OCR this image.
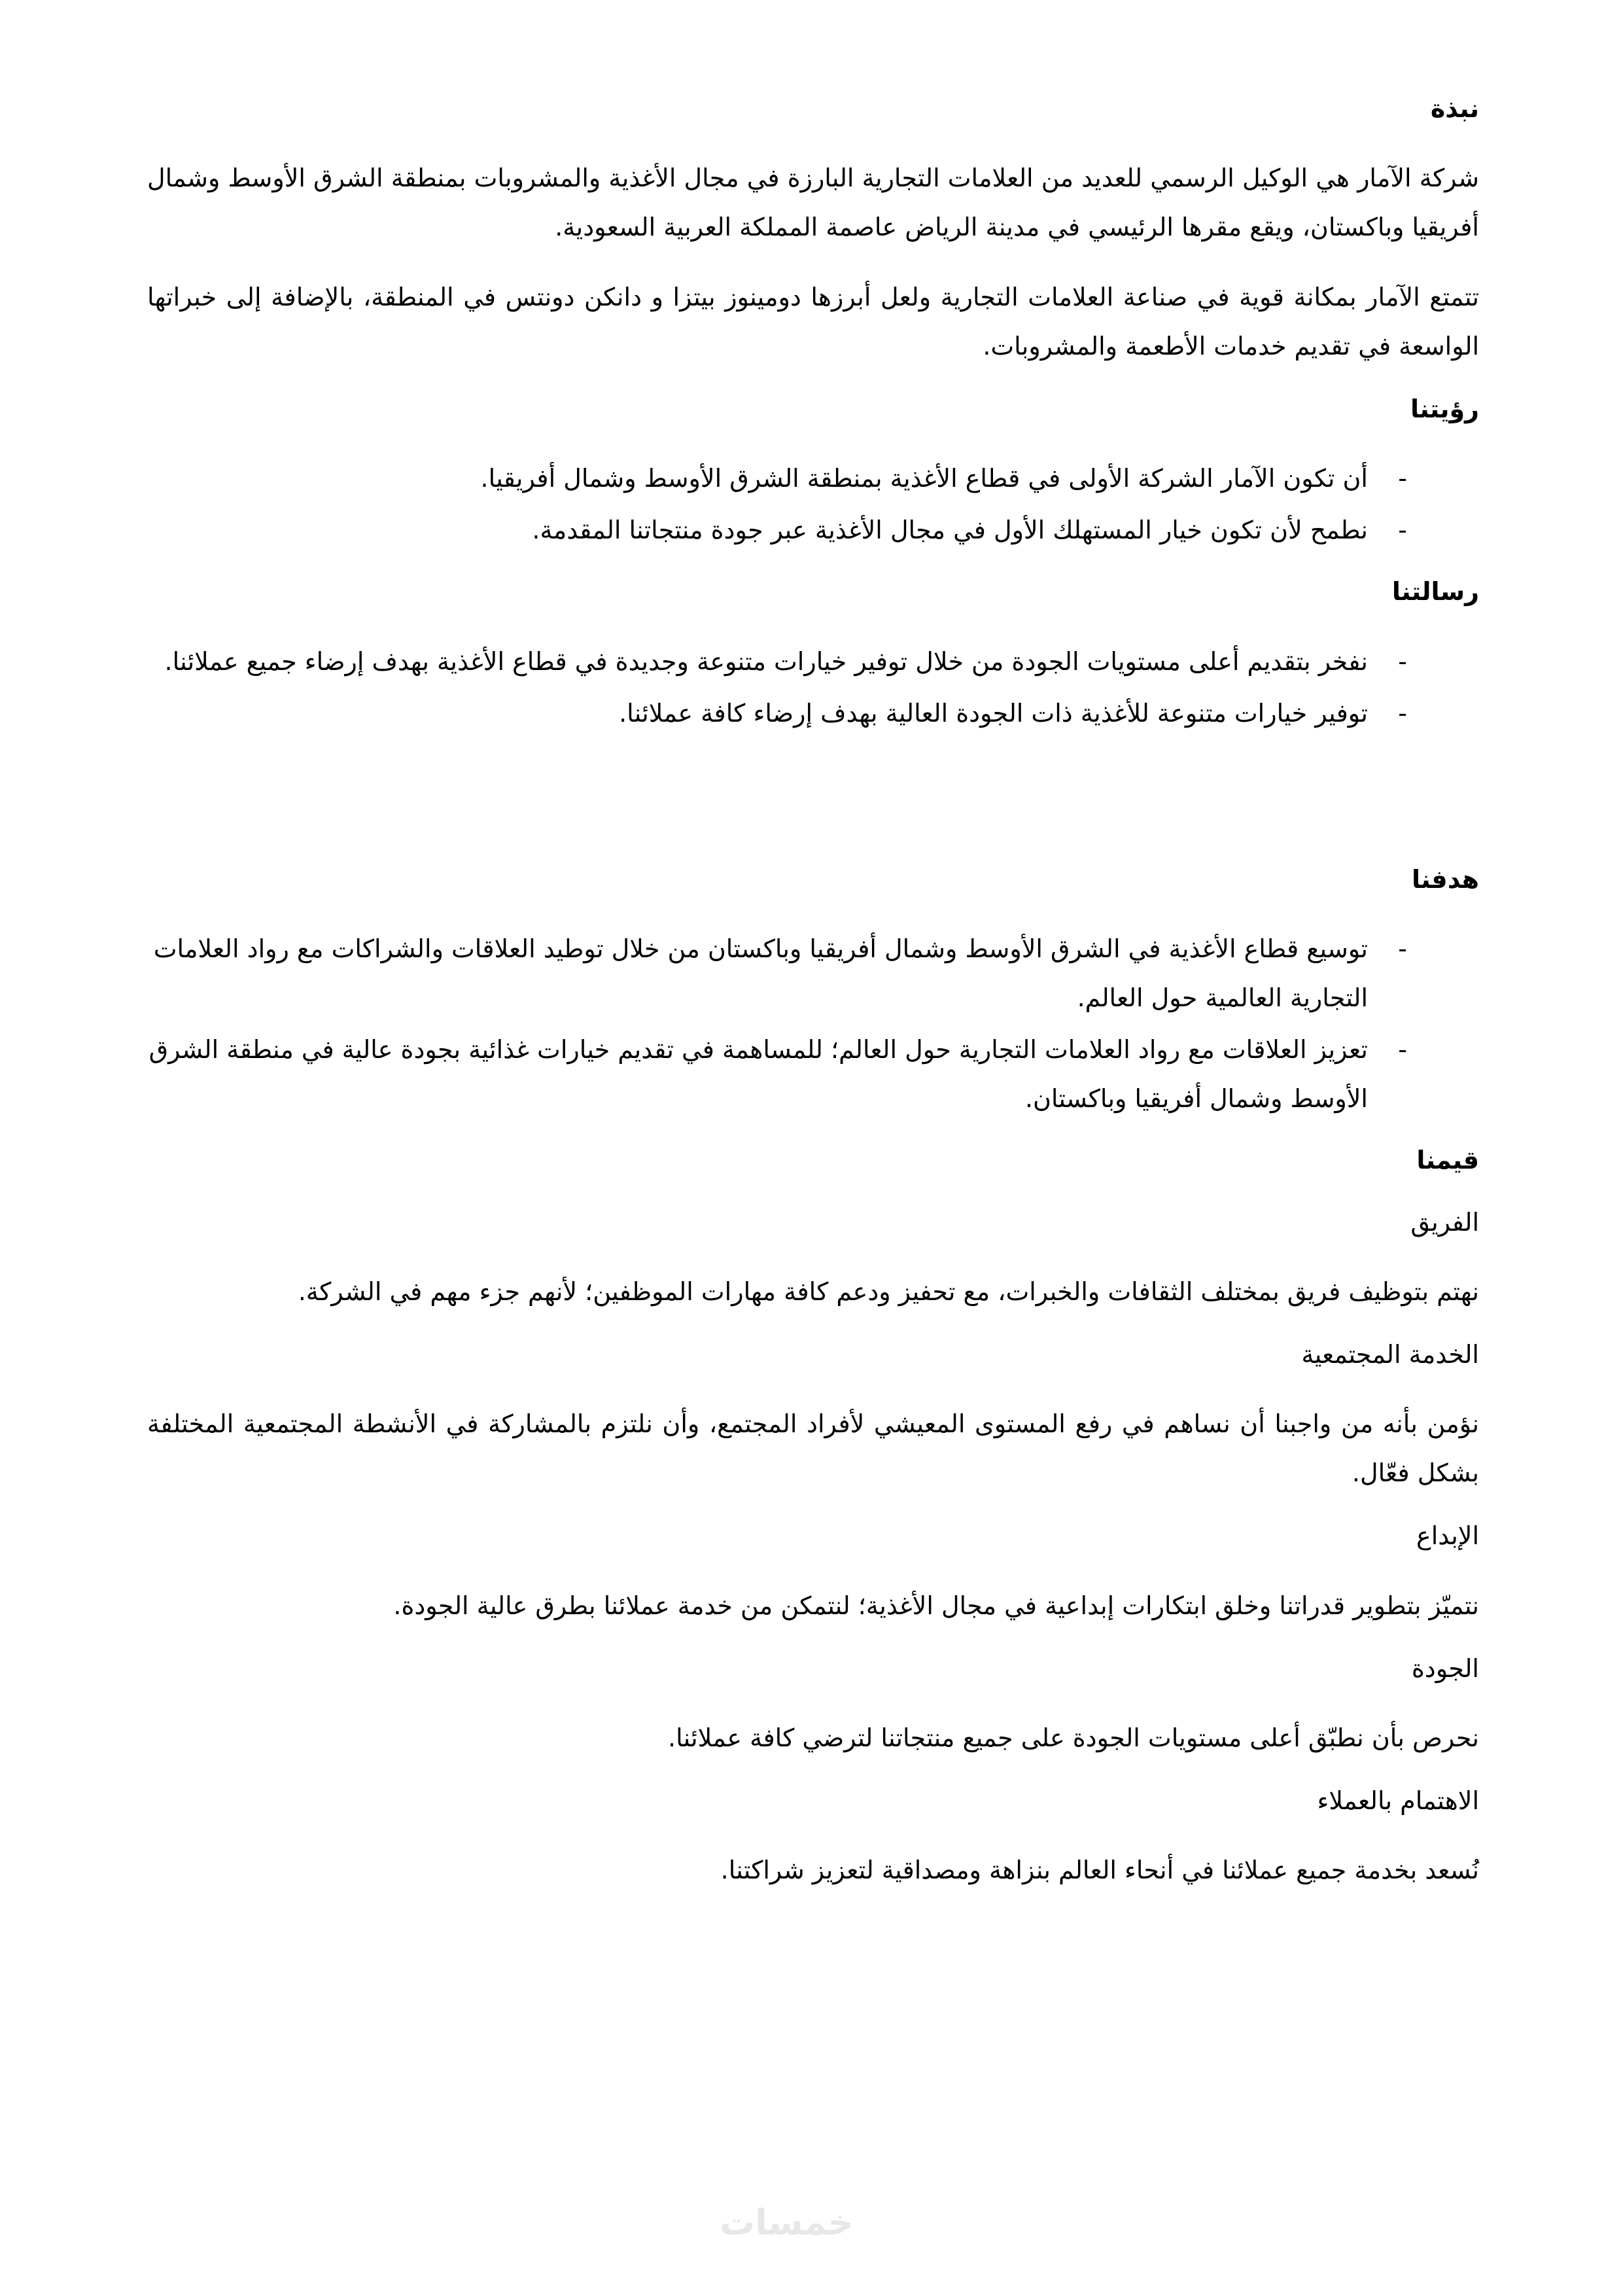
نبذة

شركة الآمار هي الوكيل الرسمي للعديد من العلامات التجارية البارزة في مجال الأغذية والمشروبات بمنطقة الشرق الأوسط وشمال أفريقيا وباكستان، ويقع مقرها الرئيسي في مدينة الرياض عاصمة المملكة العربية السعودية.

تتمتع الآمار بمكانة قوية في صناعة العلامات التجارية ولعل أبرزها دومينوز بيتزا و دانكن دونتس في المنطقة، بالإضافة إلى خبراتها الواسعة في تقديم خدمات الأطعمة والمشروبات.

رؤيتنا
-
أن تكون الآمار الشركة الأولى في قطاع الأغذية بمنطقة الشرق الأوسط وشمال أفريقيا.
-
نطمح لأن تكون خيار المستهلك الأول في مجال الأغذية عبر جودة منتجاتنا المقدمة.
رسالتنا
-
نفخر بتقديم أعلى مستويات الجودة من خلال توفير خيارات متنوعة وجديدة في قطاع الأغذية بهدف إرضاء جميع عملائنا.
-
توفير خيارات متنوعة للأغذية ذات الجودة العالية بهدف إرضاء كافة عملائنا.
هدفنا
-
توسيع قطاع الأغذية في الشرق الأوسط وشمال أفريقيا وباكستان من خلال توطيد العلاقات والشراكات مع رواد العلامات التجارية العالمية حول العالم.
-
تعزيز العلاقات مع رواد العلامات التجارية حول العالم؛ للمساهمة في تقديم خيارات غذائية بجودة عالية في منطقة الشرق الأوسط وشمال أفريقيا وباكستان.
قيمنا
الفريق

نهتم بتوظيف فريق بمختلف الثقافات والخبرات، مع تحفيز ودعم كافة مهارات الموظفين؛ لأنهم جزء مهم في الشركة.

الخدمة المجتمعية

نؤمن بأنه من واجبنا أن نساهم في رفع المستوى المعيشي لأفراد المجتمع، وأن نلتزم بالمشاركة في الأنشطة المجتمعية المختلفة بشكل فعّال.

الإبداع

نتميّز بتطوير قدراتنا وخلق ابتكارات إبداعية في مجال الأغذية؛ لنتمكن من خدمة عملائنا بطرق عالية الجودة.

الجودة

نحرص بأن نطبّق أعلى مستويات الجودة على جميع منتجاتنا لترضي كافة عملائنا.

الاهتمام بالعملاء

نُسعد بخدمة جميع عملائنا في أنحاء العالم بنزاهة ومصداقية لتعزيز شراكتنا.

خمسات
